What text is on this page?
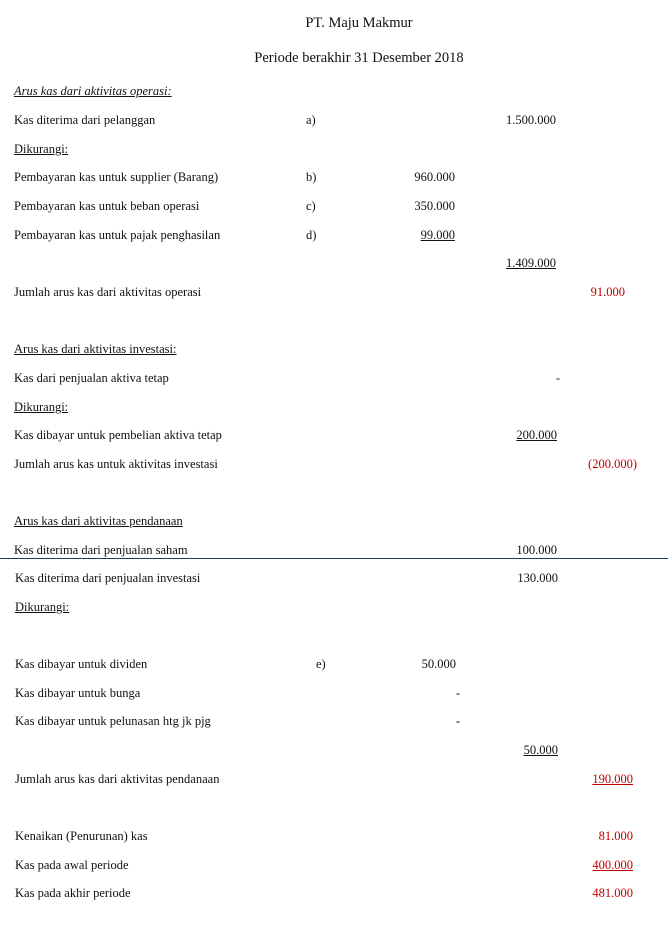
PT. Maju Makmur
Periode berakhir 31 Desember 2018
Arus kas dari aktivitas operasi:
Kas diterima dari pelanggan	a)	1.500.000
Dikurangi:
Pembayaran kas untuk supplier (Barang)	b)	960.000
Pembayaran kas untuk beban operasi	c)	350.000
Pembayaran kas untuk pajak penghasilan	d)	99.000
1.409.000
Jumlah arus kas dari aktivitas operasi	91.000
Arus kas dari aktivitas investasi:
Kas dari penjualan aktiva tetap	-
Dikurangi:
Kas dibayar untuk pembelian aktiva tetap	200.000
Jumlah arus kas untuk aktivitas investasi	(200.000)
Arus kas dari aktivitas pendanaan
Kas diterima dari penjualan saham	100.000
Kas diterima dari penjualan investasi	130.000
Dikurangi:
Kas dibayar untuk dividen	e)	50.000
Kas dibayar untuk bunga	-
Kas dibayar untuk pelunasan htg jk pjg	-
50.000
Jumlah arus kas dari aktivitas pendanaan	190.000
Kenaikan (Penurunan) kas	81.000
Kas pada awal periode	400.000
Kas pada akhir periode	481.000
